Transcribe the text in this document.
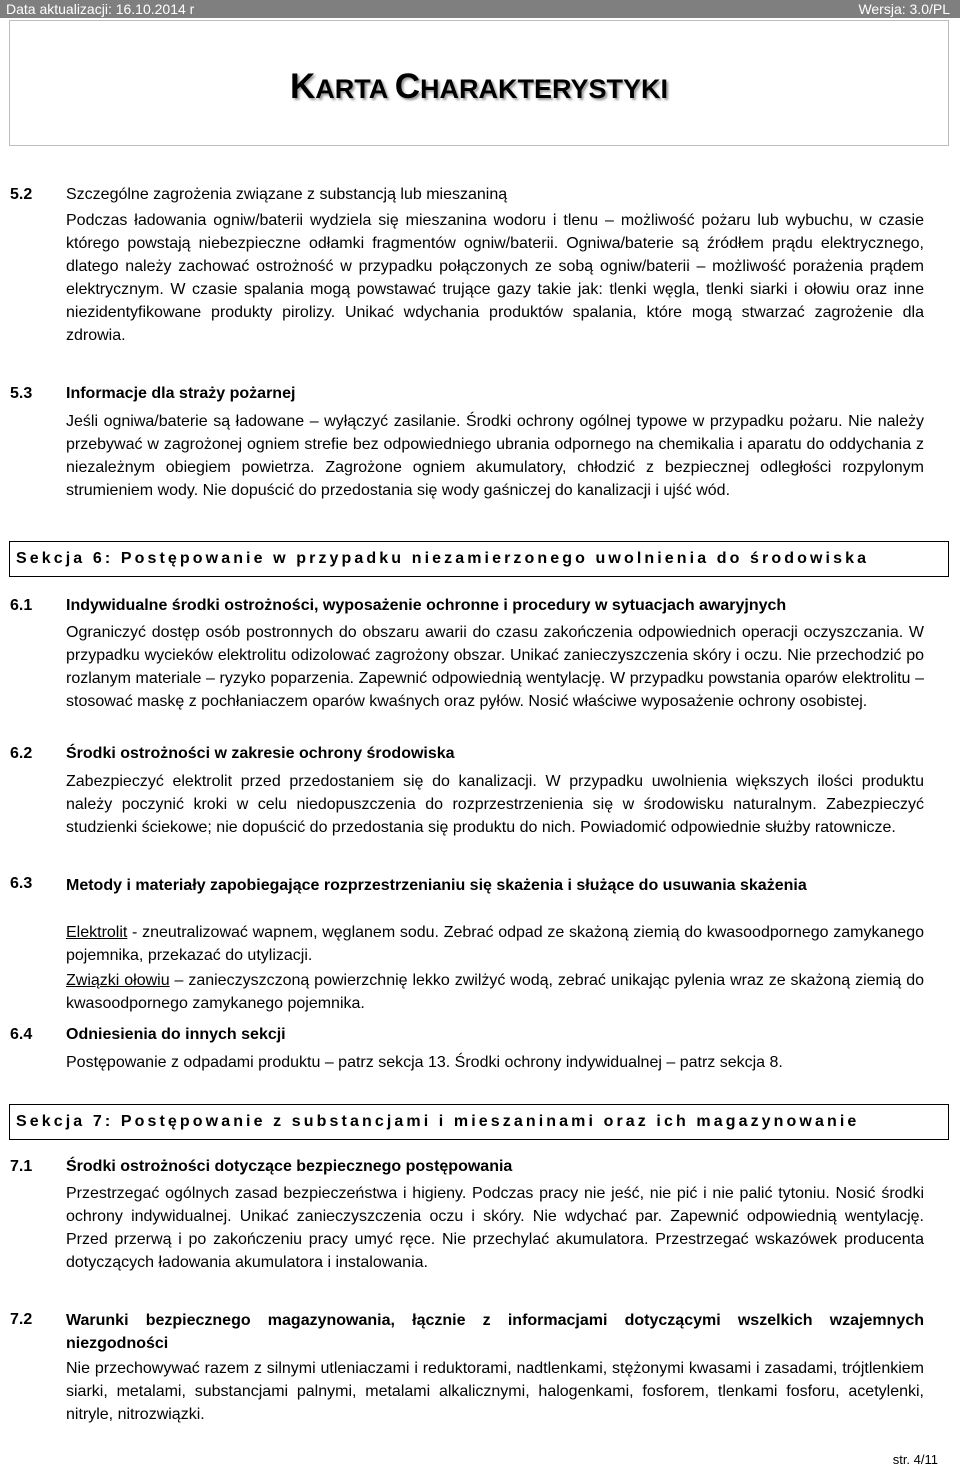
Data aktualizacji: 16.10.2014 r	Wersja: 3.0/PL
KARTA CHARAKTERYSTYKI
5.2 Szczególne zagrożenia związane z substancją lub mieszaniną
Podczas ładowania ogniw/baterii wydziela się mieszanina wodoru i tlenu – możliwość pożaru lub wybuchu, w czasie którego powstają niebezpieczne odłamki fragmentów ogniw/baterii. Ogniwa/baterie są źródłem prądu elektrycznego, dlatego należy zachować ostrożność w przypadku połączonych ze sobą ogniw/baterii – możliwość porażenia prądem elektrycznym. W czasie spalania mogą powstawać trujące gazy takie jak: tlenki węgla, tlenki siarki i ołowiu oraz inne niezidentyfikowane produkty pirolizy. Unikać wdychania produktów spalania, które mogą stwarzać zagrożenie dla zdrowia.
5.3 Informacje dla straży pożarnej
Jeśli ogniwa/baterie są ładowane – wyłączyć zasilanie. Środki ochrony ogólnej typowe w przypadku pożaru. Nie należy przebywać w zagrożonej ogniem strefie bez odpowiedniego ubrania odpornego na chemikalia i aparatu do oddychania z niezależnym obiegiem powietrza. Zagrożone ogniem akumulatory, chłodzić z bezpiecznej odległości rozpylonym strumieniem wody. Nie dopuścić do przedostania się wody gaśniczej do kanalizacji i ujść wód.
Sekcja 6: Postępowanie w przypadku niezamierzonego uwolnienia do środowiska
6.1 Indywidualne środki ostrożności, wyposażenie ochronne i procedury w sytuacjach awaryjnych
Ograniczyć dostęp osób postronnych do obszaru awarii do czasu zakończenia odpowiednich operacji oczyszczania. W przypadku wycieków elektrolitu odizolować zagrożony obszar. Unikać zanieczyszczenia skóry i oczu. Nie przechodzić po rozlanym materiale – ryzyko poparzenia. Zapewnić odpowiednią wentylację. W przypadku powstania oparów elektrolitu – stosować maskę z pochłaniaczem oparów kwaśnych oraz pyłów. Nosić właściwe wyposażenie ochrony osobistej.
6.2 Środki ostrożności w zakresie ochrony środowiska
Zabezpieczyć elektrolit przed przedostaniem się do kanalizacji. W przypadku uwolnienia większych ilości produktu należy poczynić kroki w celu niedopuszczenia do rozprzestrzenienia się w środowisku naturalnym. Zabezpieczyć studzienki ściekowe; nie dopuścić do przedostania się produktu do nich. Powiadomić odpowiednie służby ratownicze.
6.3 Metody i materiały zapobiegające rozprzestrzenianiu się skażenia i służące do usuwania skażenia
Elektrolit - zneutralizować wapnem, węglanem sodu. Zebrać odpad ze skażoną ziemią do kwasoodpornego zamykanego pojemnika, przekazać do utylizacji.
Związki ołowiu – zanieczyszczoną powierzchnię lekko zwilżyć wodą, zebrać unikając pylenia wraz ze skażoną ziemią do kwasoodpornego zamykanego pojemnika.
6.4 Odniesienia do innych sekcji
Postępowanie z odpadami produktu – patrz sekcja 13. Środki ochrony indywidualnej – patrz sekcja 8.
Sekcja 7: Postępowanie z substancjami i mieszaninami oraz ich magazynowanie
7.1 Środki ostrożności dotyczące bezpiecznego postępowania
Przestrzegać ogólnych zasad bezpieczeństwa i higieny. Podczas pracy nie jeść, nie pić i nie palić tytoniu. Nosić środki ochrony indywidualnej. Unikać zanieczyszczenia oczu i skóry. Nie wdychać par. Zapewnić odpowiednią wentylację. Przed przerwą i po zakończeniu pracy umyć ręce. Nie przechylać akumulatora. Przestrzegać wskazówek producenta dotyczących ładowania akumulatora i instalowania.
7.2 Warunki bezpiecznego magazynowania, łącznie z informacjami dotyczącymi wszelkich wzajemnych niezgodności
Nie przechowywać razem z silnymi utleniaczami i reduktorami, nadtlenkami, stężonymi kwasami i zasadami, trójtlenkiem siarki, metalami, substancjami palnymi, metalami alkalicznymi, halogenkami, fosforem, tlenkami fosforu, acetylenki, nitryle, nitrozwiązki.
str. 4/11
